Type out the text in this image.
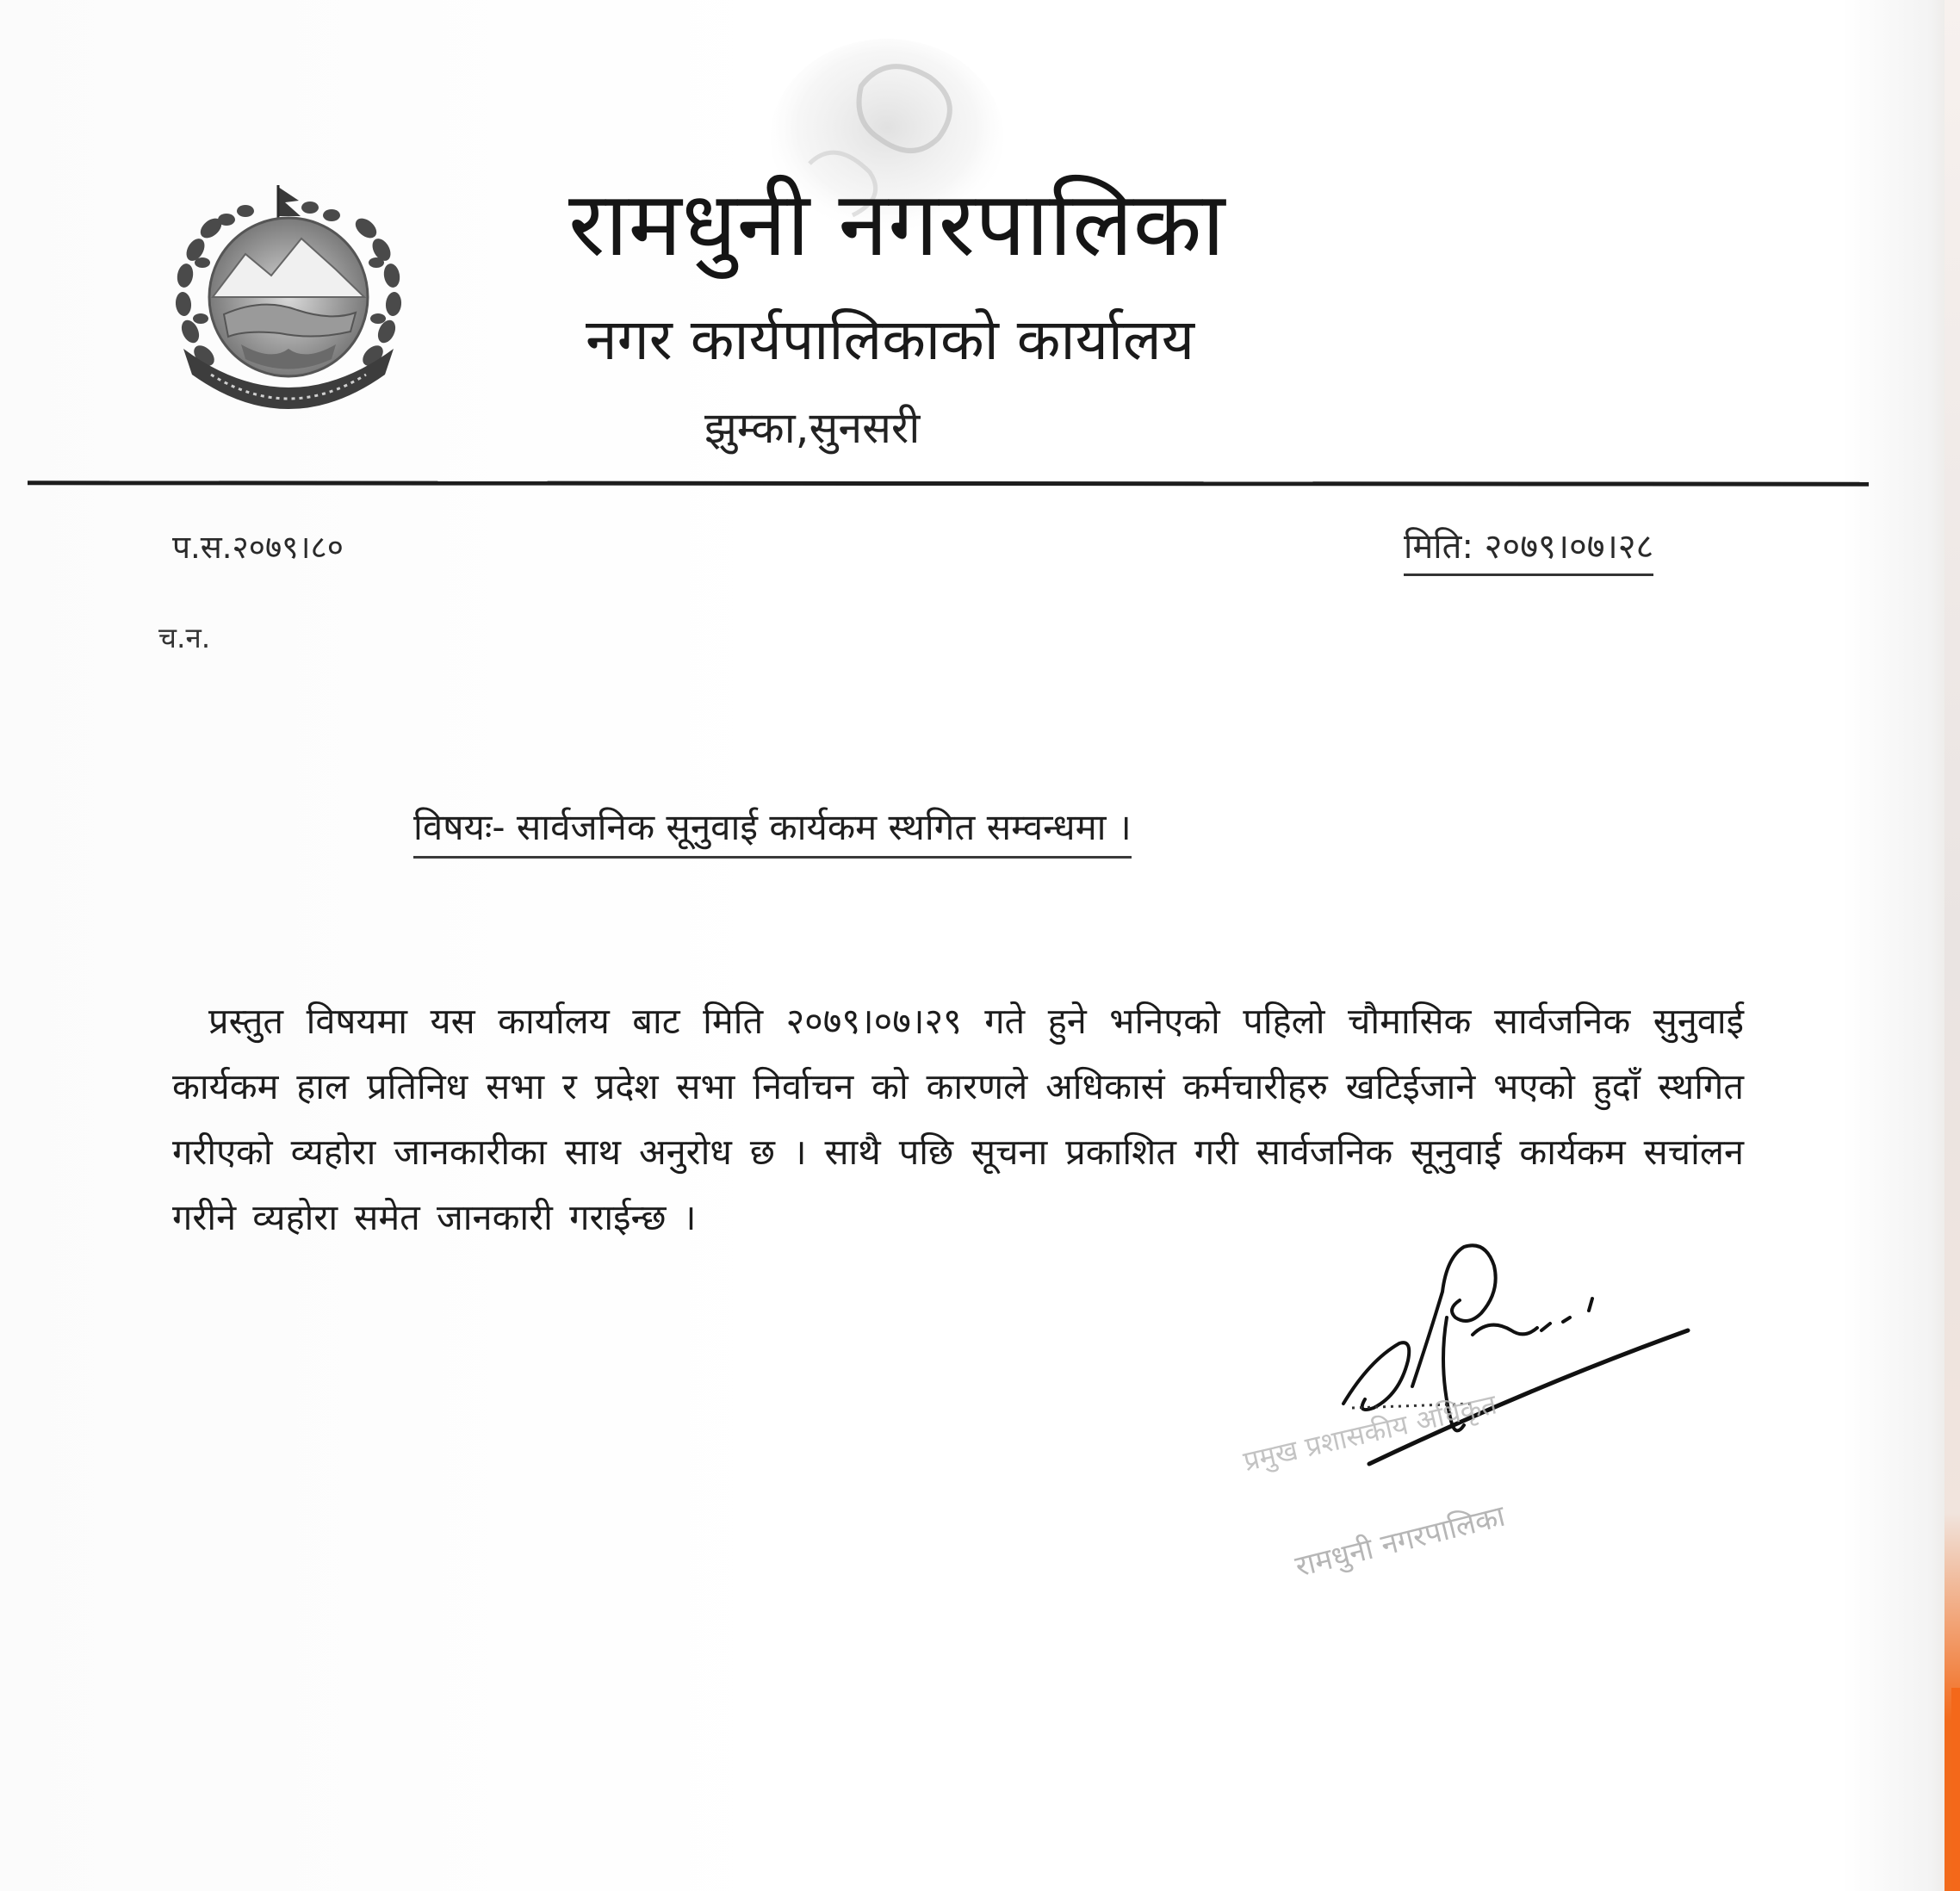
रामधुनी नगरपालिका
नगर कार्यपालिकाको कार्यालय
झुम्का,सुनसरी
प.स.२०७९।८०	मिति: २०७९।०७।२८
च.न.
विषयः- सार्वजनिक सूनुवाई कार्यकम स्थगित सम्वन्धमा ।
प्रस्तुत विषयमा यस कार्यालय बाट मिति २०७९।०७।२९ गते हुने भनिएको पहिलो चौमासिक सार्वजनिक सुनुवाई कार्यकम हाल प्रतिनिध सभा र प्रदेश सभा निर्वाचन को कारणले अधिकासं कर्मचारीहरु खटिईजाने भएको हुदाँ स्थगित गरीएको व्यहोरा जानकारीका साथ अनुरोध छ । साथै पछि सूचना प्रकाशित गरी सार्वजनिक सूनुवाई कार्यकम सचांलन गरीने व्यहोरा समेत जानकारी गराईन्छ ।
प्रमुख प्रशासकीय अधिकृत
रामधुनी नगरपालिका
